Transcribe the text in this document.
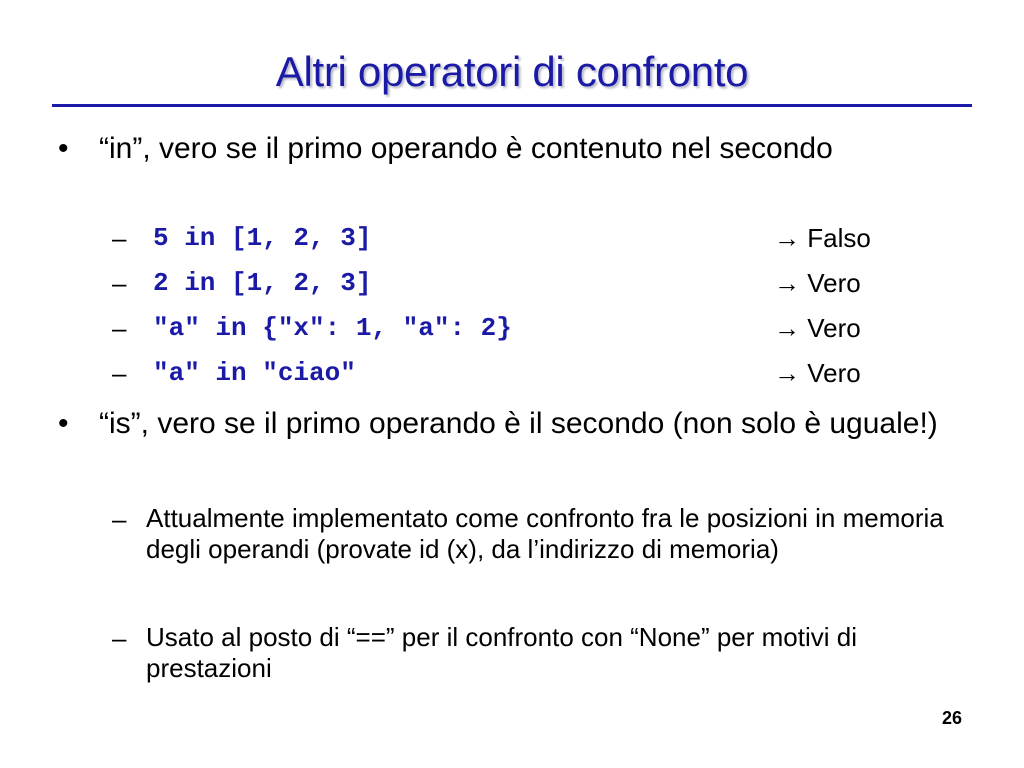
Altri operatori di confronto
• “in”, vero se il primo operando è contenuto nel secondo
– 5 in [1, 2, 3]	→ Falso
– 2 in [1, 2, 3]	→ Vero
– "a" in {"x": 1, "a": 2}	→ Vero
– "a" in "ciao"	→ Vero
• “is”, vero se il primo operando è il secondo (non solo è uguale!)
– Attualmente implementato come confronto fra le posizioni in memoria degli operandi (provate id (x), da l’indirizzo di memoria)
– Usato al posto di “==” per il confronto con “None” per motivi di prestazioni
26
